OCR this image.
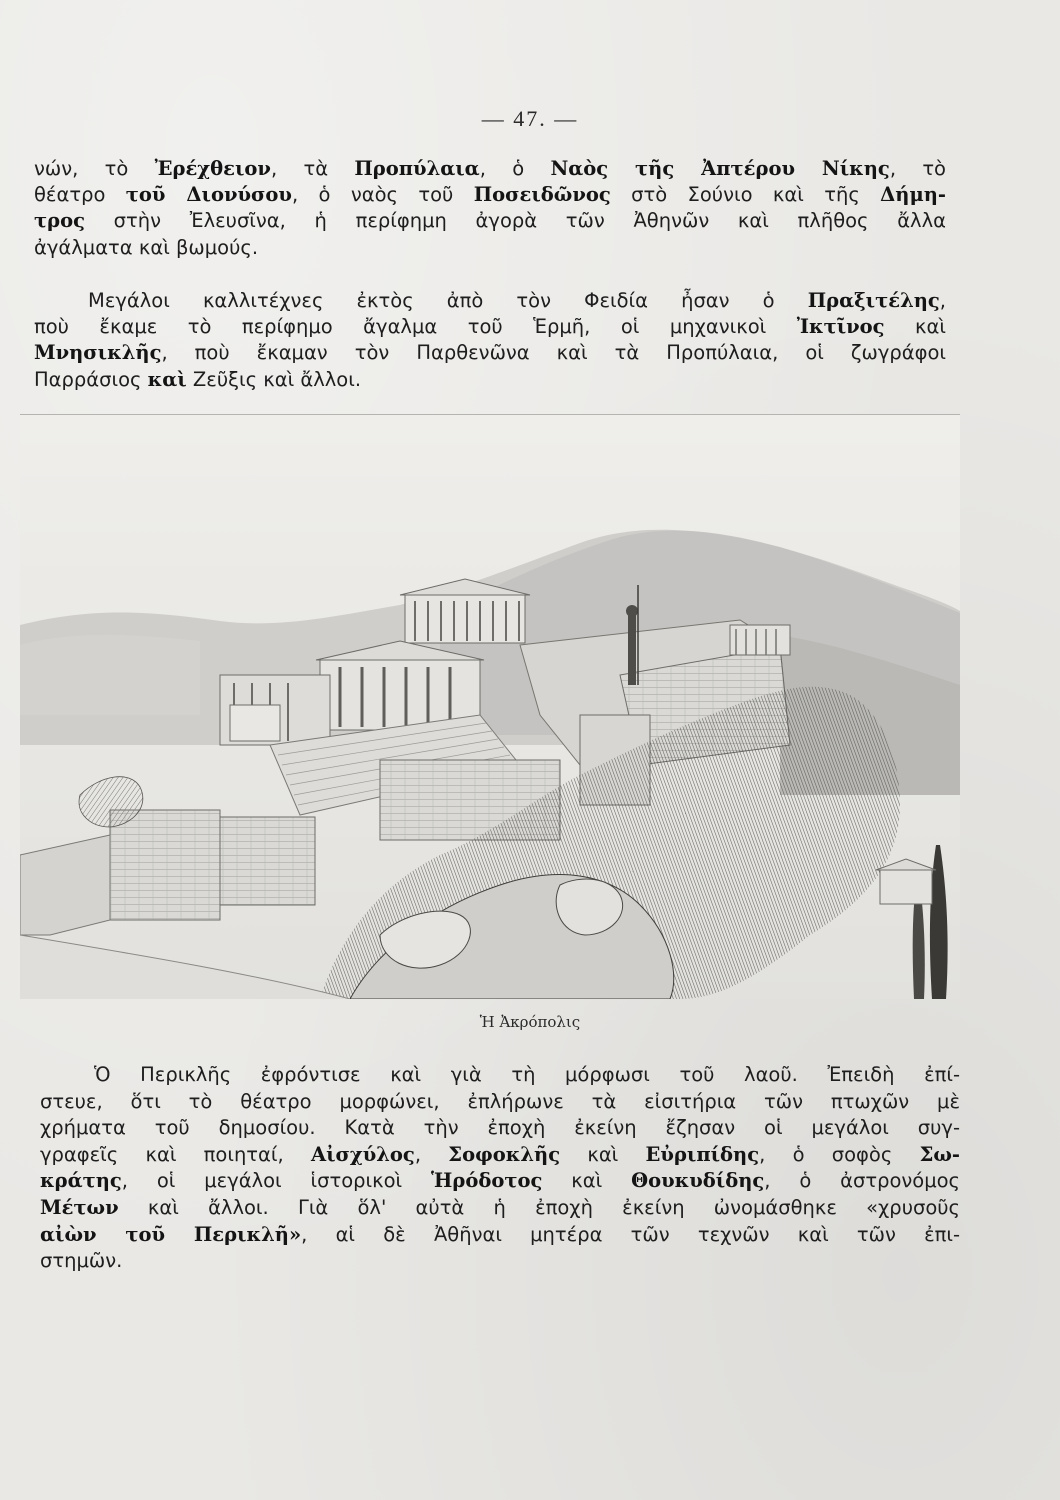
— 47. —
νών, τὸ Ἐρέχθειον, τὰ Προπύλαια, ὁ Ναὸς τῆς Ἀπτέρου Νίκης, τὸ
θέατρο τοῦ Διονύσου, ὁ ναὸς τοῦ Ποσειδῶνος στὸ Σούνιο καὶ τῆς Δήμη-
τρος στὴν Ἐλευσῖνα, ἡ περίφημη ἀγορὰ τῶν Ἀθηνῶν καὶ πλῆθος ἄλλα
ἀγάλματα καὶ βωμούς.
Μεγάλοι καλλιτέχνες ἐκτὸς ἀπὸ τὸν Φειδία ἦσαν ὁ Πραξιτέλης,
ποὺ ἔκαμε τὸ περίφημο ἄγαλμα τοῦ Ἑρμῆ, οἱ μηχανικοὶ Ἰκτῖνος καὶ
Μνησικλῆς, ποὺ ἔκαμαν τὸν Παρθενῶνα καὶ τὰ Προπύλαια, οἱ ζωγράφοι
Παρράσιος καὶ Ζεῦξις καὶ ἄλλοι.
Ἡ Ἀκρόπολις
Ὁ Περικλῆς ἐφρόντισε καὶ γιὰ τὴ μόρφωσι τοῦ λαοῦ. Ἐπειδὴ ἐπί-
στευε, ὅτι τὸ θέατρο μορφώνει, ἐπλήρωνε τὰ εἰσιτήρια τῶν πτωχῶν μὲ
χρήματα τοῦ δημοσίου. Κατὰ τὴν ἐποχὴ ἐκείνη ἔζησαν οἱ μεγάλοι συγ-
γραφεῖς καὶ ποιηταί, Αἰσχύλος, Σοφοκλῆς καὶ Εὐριπίδης, ὁ σοφὸς Σω-
κράτης, οἱ μεγάλοι ἱστορικοὶ Ἡρόδοτος καὶ Θουκυδίδης, ὁ ἀστρονόμος
Μέτων καὶ ἄλλοι. Γιὰ ὅλ' αὐτὰ ἡ ἐποχὴ ἐκείνη ὠνομάσθηκε «χρυσοῦς
αἰὼν τοῦ Περικλῆ», αἱ δὲ Ἀθῆναι μητέρα τῶν τεχνῶν καὶ τῶν ἐπι-
στημῶν.
